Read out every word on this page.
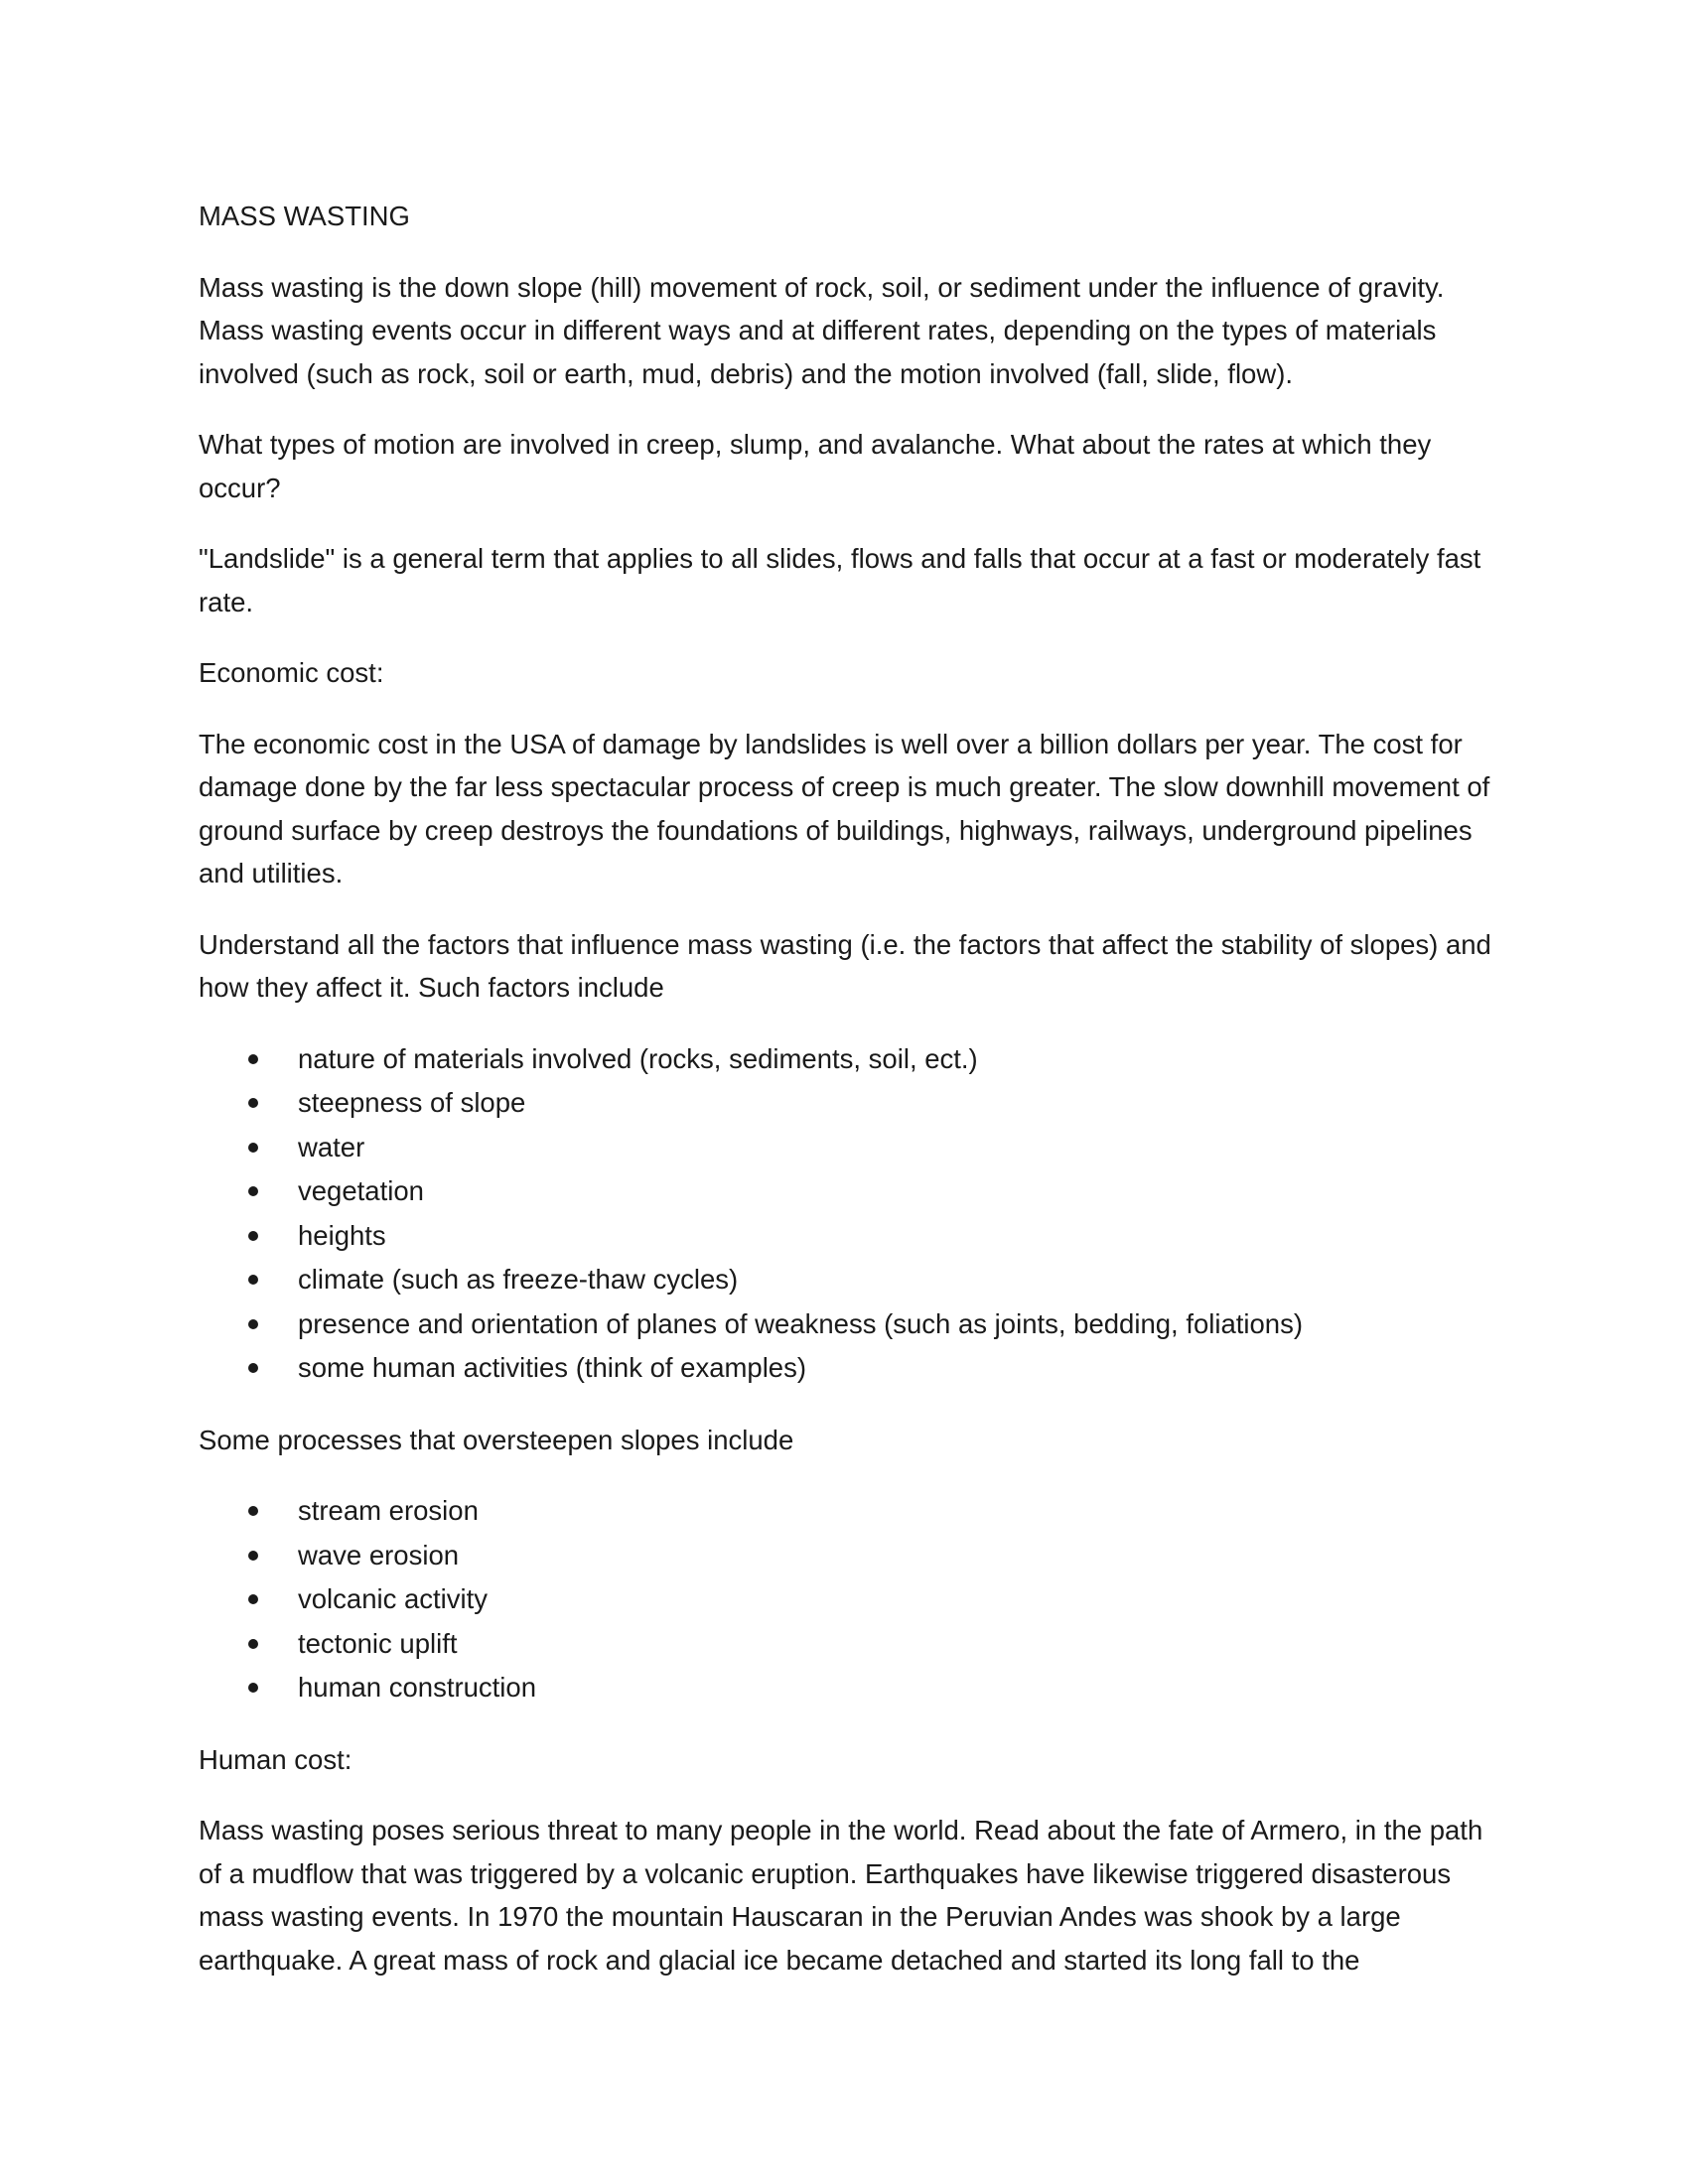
MASS WASTING

Mass wasting is the down slope (hill) movement of rock, soil, or sediment under the influence of gravity. Mass wasting events occur in different ways and at different rates, depending on the types of materials involved (such as rock, soil or earth, mud, debris) and the motion involved (fall, slide, flow).

What types of motion are involved in creep, slump, and avalanche. What about the rates at which they occur?

"Landslide" is a general term that applies to all slides, flows and falls that occur at a fast or moderately fast rate.

Economic cost:

The economic cost in the USA of damage by landslides is well over a billion dollars per year. The cost for damage done by the far less spectacular process of creep is much greater. The slow downhill movement of ground surface by creep destroys the foundations of buildings, highways, railways, underground pipelines and utilities.

Understand all the factors that influence mass wasting (i.e. the factors that affect the stability of slopes) and how they affect it. Such factors include

nature of materials involved (rocks, sediments, soil, ect.)
steepness of slope
water
vegetation
heights
climate (such as freeze-thaw cycles)
presence and orientation of planes of weakness (such as joints, bedding, foliations)
some human activities (think of examples)

Some processes that oversteepen slopes include

stream erosion
wave erosion
volcanic activity
tectonic uplift
human construction

Human cost:

Mass wasting poses serious threat to many people in the world. Read about the fate of Armero, in the path of a mudflow that was triggered by a volcanic eruption. Earthquakes have likewise triggered disasterous mass wasting events. In 1970 the mountain Hauscaran in the Peruvian Andes was shook by a large earthquake. A great mass of rock and glacial ice became detached and started its long fall to the
